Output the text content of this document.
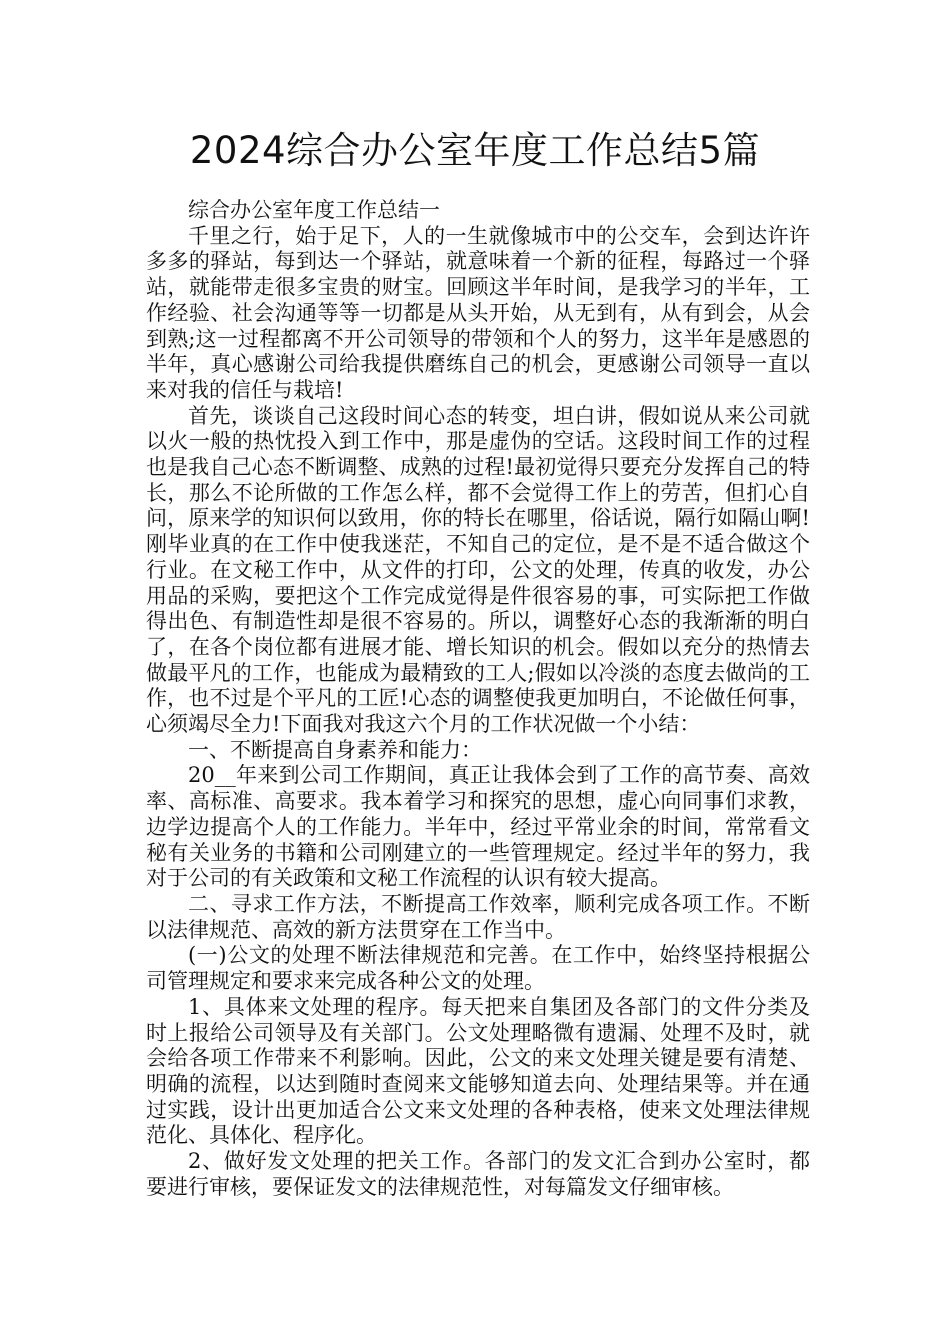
2024综合办公室年度工作总结5篇

综合办公室年度工作总结一

千里之行，始于足下，人的一生就像城市中的公交车，会到达许许多多的驿站，每到达一个驿站，就意味着一个新的征程，每路过一个驿站，就能带走很多宝贵的财宝。回顾这半年时间，是我学习的半年，工作经验、社会沟通等等一切都是从头开始，从无到有，从有到会，从会到熟;这一过程都离不开公司领导的带领和个人的努力，这半年是感恩的半年，真心感谢公司给我提供磨练自己的机会，更感谢公司领导一直以来对我的信任与栽培!

首先，谈谈自己这段时间心态的转变，坦白讲，假如说从来公司就以火一般的热忱投入到工作中，那是虚伪的空话。这段时间工作的过程也是我自己心态不断调整、成熟的过程!最初觉得只要充分发挥自己的特长，那么不论所做的工作怎么样，都不会觉得工作上的劳苦，但扪心自问，原来学的知识何以致用，你的特长在哪里，俗话说，隔行如隔山啊!刚毕业真的在工作中使我迷茫，不知自己的定位，是不是不适合做这个行业。在文秘工作中，从文件的打印，公文的处理，传真的收发，办公用品的采购，要把这个工作完成觉得是件很容易的事，可实际把工作做得出色、有制造性却是很不容易的。所以，调整好心态的我渐渐的明白了，在各个岗位都有进展才能、增长知识的机会。假如以充分的热情去做最平凡的工作，也能成为最精致的工人;假如以冷淡的态度去做尚的工作，也不过是个平凡的工匠!心态的调整使我更加明白，不论做任何事，心须竭尽全力!下面我对我这六个月的工作状况做一个小结：

一、不断提高自身素养和能力：

20__年来到公司工作期间，真正让我体会到了工作的高节奏、高效率、高标准、高要求。我本着学习和探究的思想，虚心向同事们求教，边学边提高个人的工作能力。半年中，经过平常业余的时间，常常看文秘有关业务的书籍和公司刚建立的一些管理规定。经过半年的努力，我对于公司的有关政策和文秘工作流程的认识有较大提高。

二、寻求工作方法，不断提高工作效率，顺利完成各项工作。不断以法律规范、高效的新方法贯穿在工作当中。

(一)公文的处理不断法律规范和完善。在工作中，始终坚持根据公司管理规定和要求来完成各种公文的处理。

1、具体来文处理的程序。每天把来自集团及各部门的文件分类及时上报给公司领导及有关部门。公文处理略微有遗漏、处理不及时，就会给各项工作带来不利影响。因此，公文的来文处理关键是要有清楚、明确的流程，以达到随时查阅来文能够知道去向、处理结果等。并在通过实践，设计出更加适合公文来文处理的各种表格，使来文处理法律规范化、具体化、程序化。

2、做好发文处理的把关工作。各部门的发文汇合到办公室时，都要进行审核，要保证发文的法律规范性，对每篇发文仔细审核。
